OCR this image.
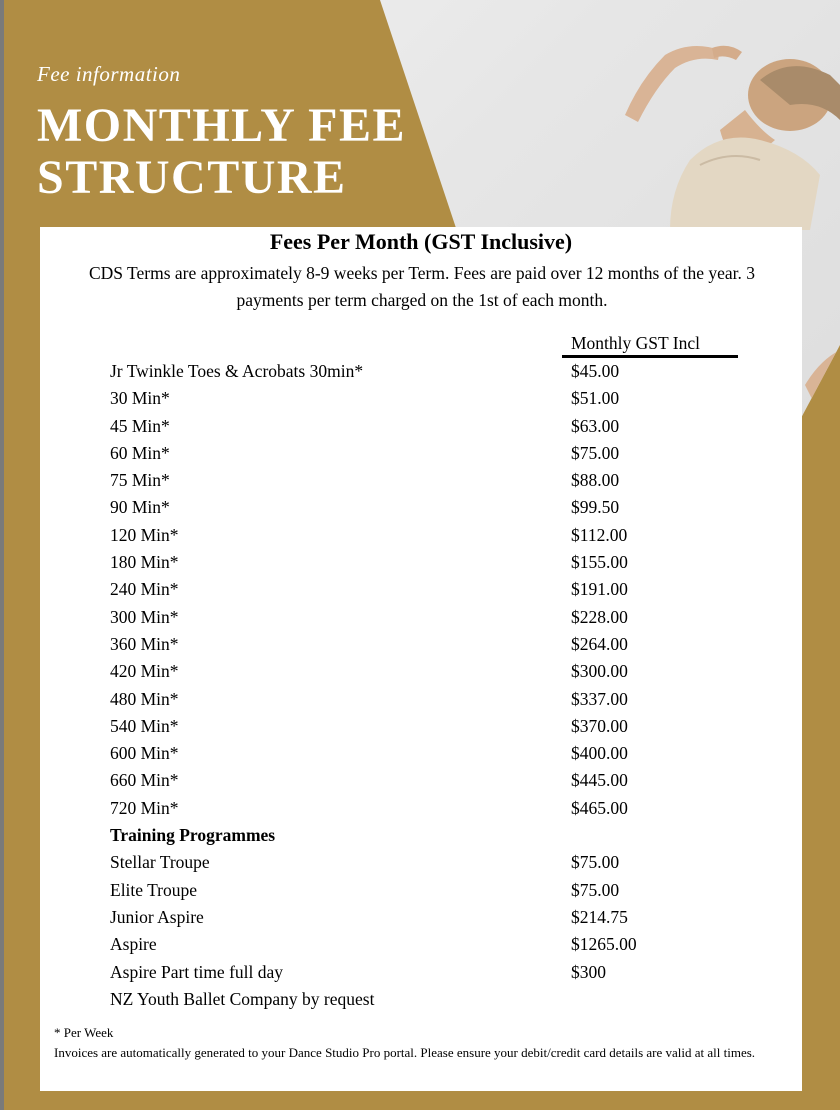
Fee information
MONTHLY FEE
STRUCTURE
Fees Per Month (GST Inclusive)
CDS Terms are approximately 8-9 weeks per Term. Fees are paid over 12 months of the year. 3 payments per term charged on the 1st of each month.
Monthly GST Incl
Jr Twinkle Toes & Acrobats 30min*	$45.00
30 Min*	$51.00
45 Min*	$63.00
60 Min*	$75.00
75 Min*	$88.00
90 Min*	$99.50
120 Min*	$112.00
180 Min*	$155.00
240 Min*	$191.00
300 Min*	$228.00
360 Min*	$264.00
420 Min*	$300.00
480 Min*	$337.00
540 Min*	$370.00
600 Min*	$400.00
660 Min*	$445.00
720 Min*	$465.00
Training Programmes
Stellar Troupe	$75.00
Elite Troupe	$75.00
Junior Aspire	$214.75
Aspire	$1265.00
Aspire Part time full day	$300
NZ Youth Ballet Company by request
* Per Week
Invoices are automatically generated to your Dance Studio Pro portal. Please ensure your debit/credit card details are valid at all times.
